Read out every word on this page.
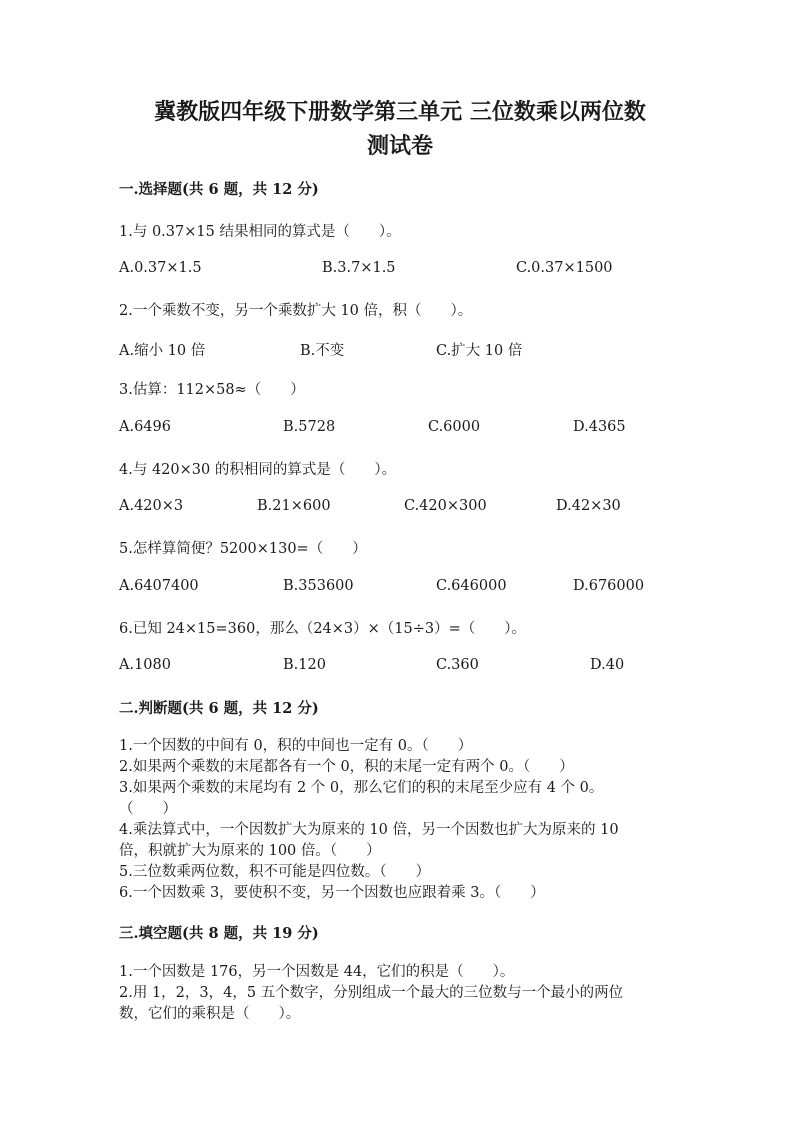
冀教版四年级下册数学第三单元 三位数乘以两位数
测试卷
一.选择题(共 6 题，共 12 分)
1.与 0.37×15 结果相同的算式是（　　）。
A.0.37×1.5	B.3.7×1.5	C.0.37×1500
2.一个乘数不变，另一个乘数扩大 10 倍，积（　　）。
A.缩小 10 倍	B.不变	C.扩大 10 倍
3.估算：112×58≈（　　）
A.6496	B.5728	C.6000	D.4365
4.与 420×30 的积相同的算式是（　　）。
A.420×3	B.21×600	C.420×300	D.42×30
5.怎样算简便？5200×130=（　　）
A.6407400	B.353600	C.646000	D.676000
6.已知 24×15=360，那么（24×3）×（15÷3）=（　　）。
A.1080	B.120	C.360	D.40
二.判断题(共 6 题，共 12 分)
1.一个因数的中间有 0，积的中间也一定有 0。（　　）
2.如果两个乘数的末尾都各有一个 0，积的末尾一定有两个 0。（　　）
3.如果两个乘数的末尾均有 2 个 0，那么它们的积的末尾至少应有 4 个 0。
（　　）
4.乘法算式中，一个因数扩大为原来的 10 倍，另一个因数也扩大为原来的 10
倍，积就扩大为原来的 100 倍。（　　）
5.三位数乘两位数，积不可能是四位数。（　　）
6.一个因数乘 3，要使积不变，另一个因数也应跟着乘 3。（　　）
三.填空题(共 8 题，共 19 分)
1.一个因数是 176，另一个因数是 44，它们的积是（　　）。
2.用 1，2，3，4，5 五个数字，分别组成一个最大的三位数与一个最小的两位
数，它们的乘积是（　　）。
